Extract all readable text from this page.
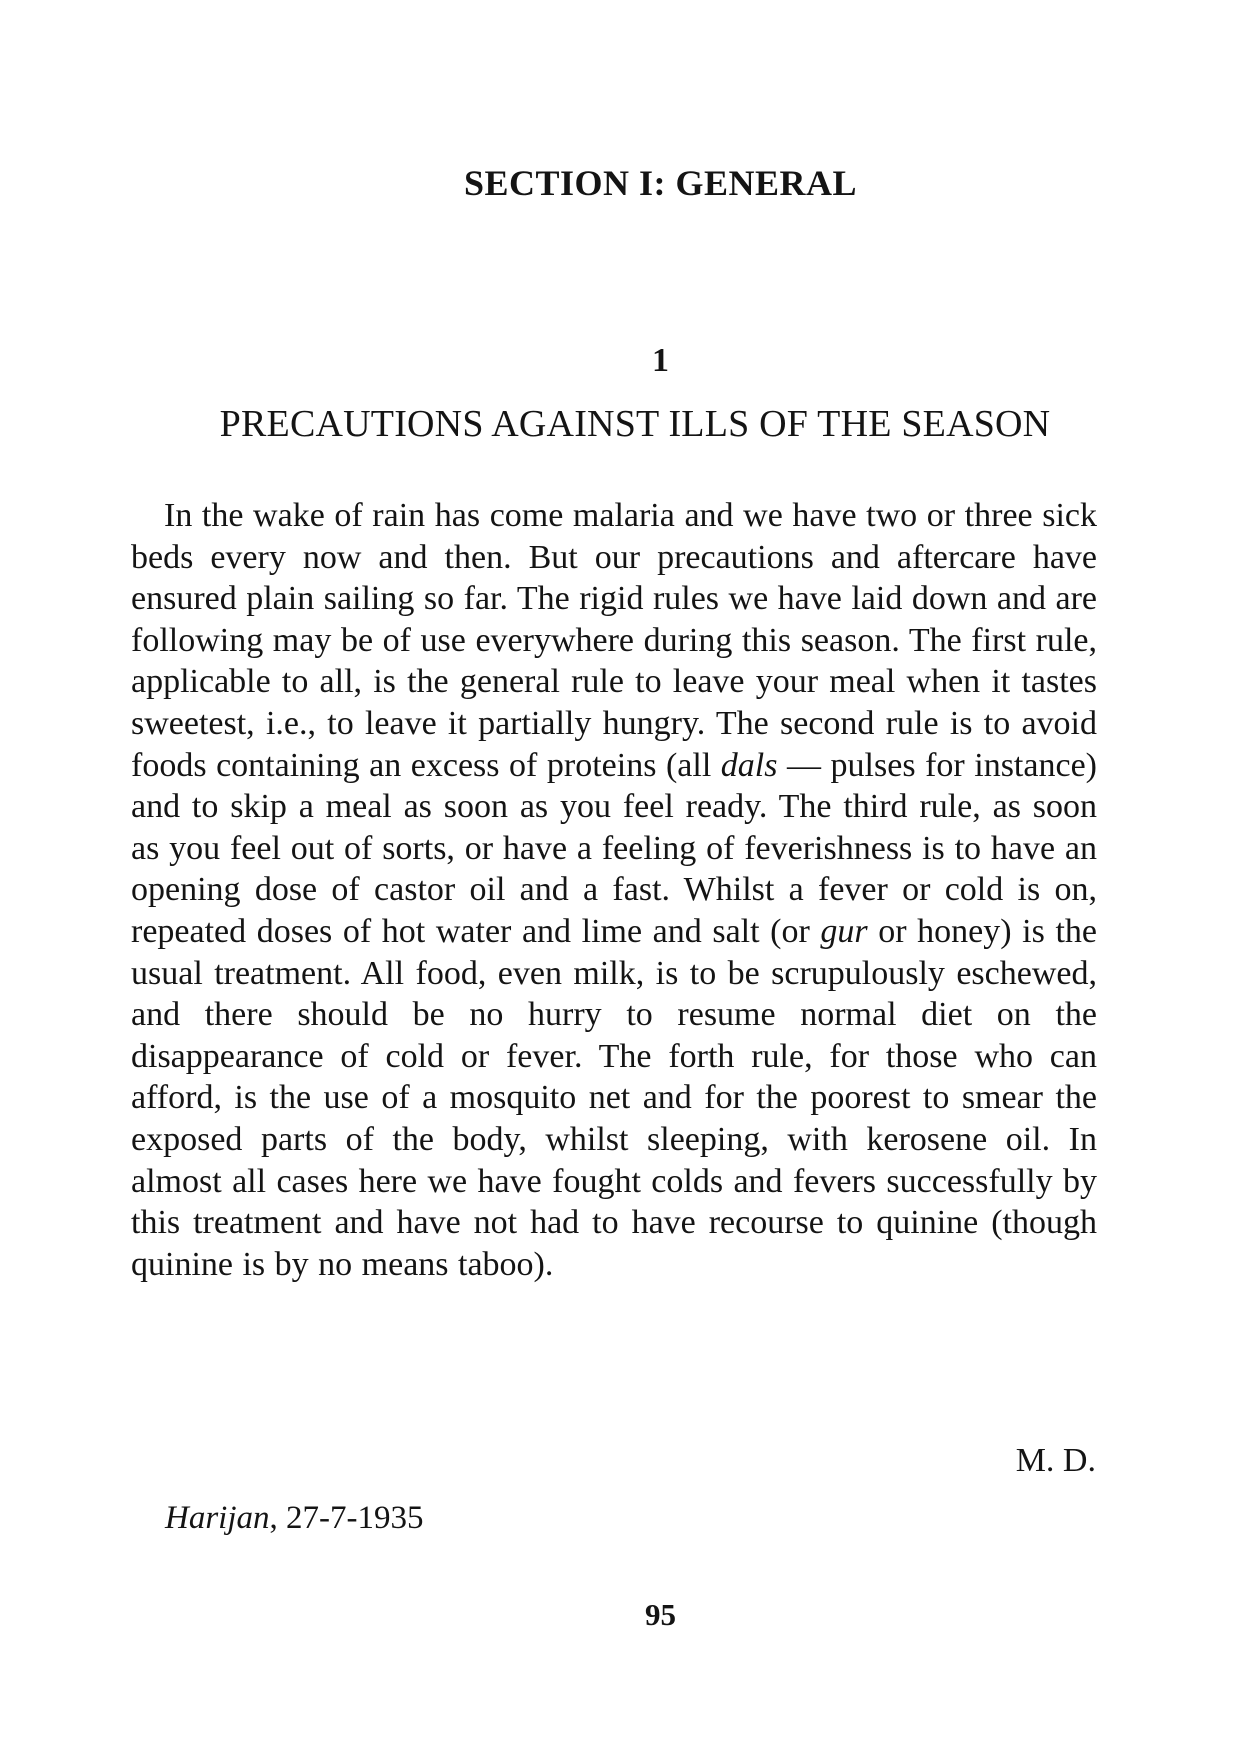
SECTION I: GENERAL
1
PRECAUTIONS AGAINST ILLS OF THE SEASON

In the wake of rain has come malaria and we have two or three sick beds every now and then. But our precautions and aftercare have ensured plain sailing so far. The rigid rules we have laid down and are following may be of use everywhere during this season. The first rule, applicable to all, is the general rule to leave your meal when it tastes sweetest, i.e., to leave it partially hungry. The second rule is to avoid foods containing an excess of proteins (all dals — pulses for instance) and to skip a meal as soon as you feel ready. The third rule, as soon as you feel out of sorts, or have a feeling of feverishness is to have an opening dose of castor oil and a fast. Whilst a fever or cold is on, repeated doses of hot water and lime and salt (or gur or honey) is the usual treatment. All food, even milk, is to be scrupulously eschewed, and there should be no hurry to resume normal diet on the disappearance of cold or fever. The forth rule, for those who can afford, is the use of a mosquito net and for the poorest to smear the exposed parts of the body, whilst sleeping, with kerosene oil. In almost all cases here we have fought colds and fevers successfully by this treatment and have not had to have recourse to quinine (though quinine is by no means taboo).

M. D.
Harijan, 27-7-1935
95
